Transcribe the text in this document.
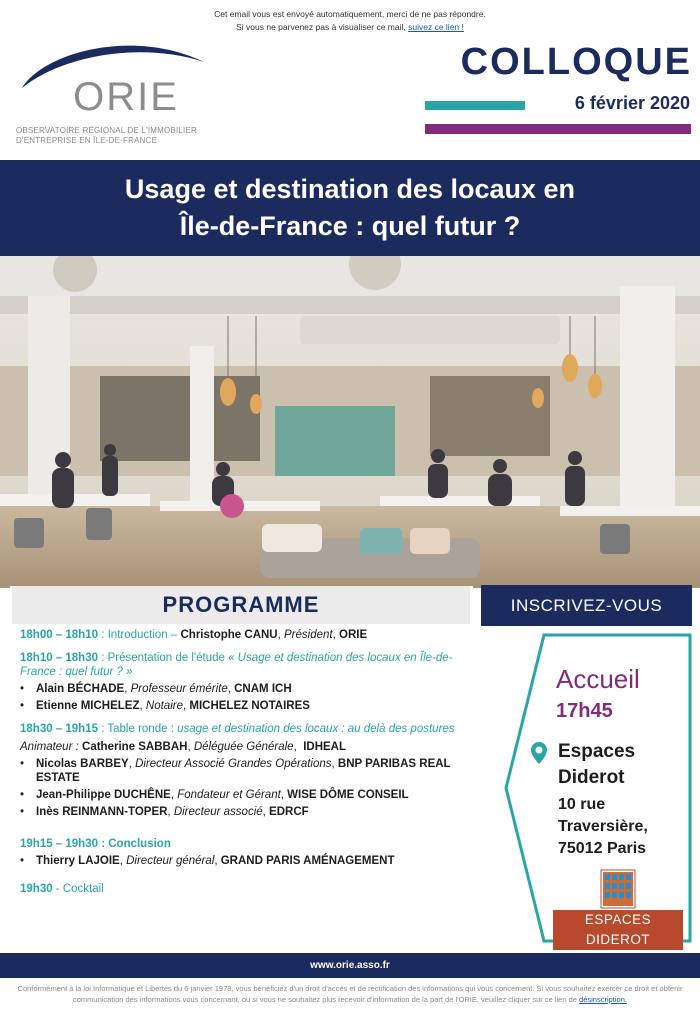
Cet email vous est envoyé automatiquement, merci de ne pas répondre.
Si vous ne parvenez pas à visualiser ce mail, suivez ce lien !
ORIE
OBSERVATOIRE RÉGIONAL DE L'IMMOBILIER
D'ENTREPRISE EN ÎLE-DE-FRANCE
COLLOQUE
6 février 2020
Usage et destination des locaux en
Île-de-France : quel futur ?
PROGRAMME
18h00 – 18h10 : Introduction – Christophe CANU, Président, ORIE
18h10 – 18h30 : Présentation de l'étude « Usage et destination des locaux en Île-de-France : quel futur ? »
• Alain BÉCHADE, Professeur émérite, CNAM ICH
• Etienne MICHELEZ, Notaire, MICHELEZ NOTAIRES
18h30 – 19h15 : Table ronde : usage et destination des locaux : au delà des postures
Animateur : Catherine SABBAH, Déléguée Générale,  IDHEAL
• Nicolas BARBEY, Directeur Associé Grandes Opérations, BNP PARIBAS REAL ESTATE
• Jean-Philippe DUCHÊNE, Fondateur et Gérant, WISE DÔME CONSEIL
• Inès REINMANN-TOPER, Directeur associé, EDRCF
19h15 – 19h30 : Conclusion
• Thierry LAJOIE, Directeur général, GRAND PARIS AMÉNAGEMENT
19h30 - Cocktail
INSCRIVEZ-VOUS
Accueil
17h45
Espaces
Diderot
10 rue
Traversière,
75012 Paris
ESPACES DIDEROT
www.orie.asso.fr
Conformément à la loi Informatique et Libertés du 6 janvier 1978, vous bénéficiez d'un droit d'accès et de rectification des informations qui vous concernent. Si vous souhaitez exercer ce droit et obtenir communication des informations vous concernant, ou si vous ne souhaitez plus recevoir d'information de la part de l'ORIE, veuillez cliquer sur ce lien de désinscription.
